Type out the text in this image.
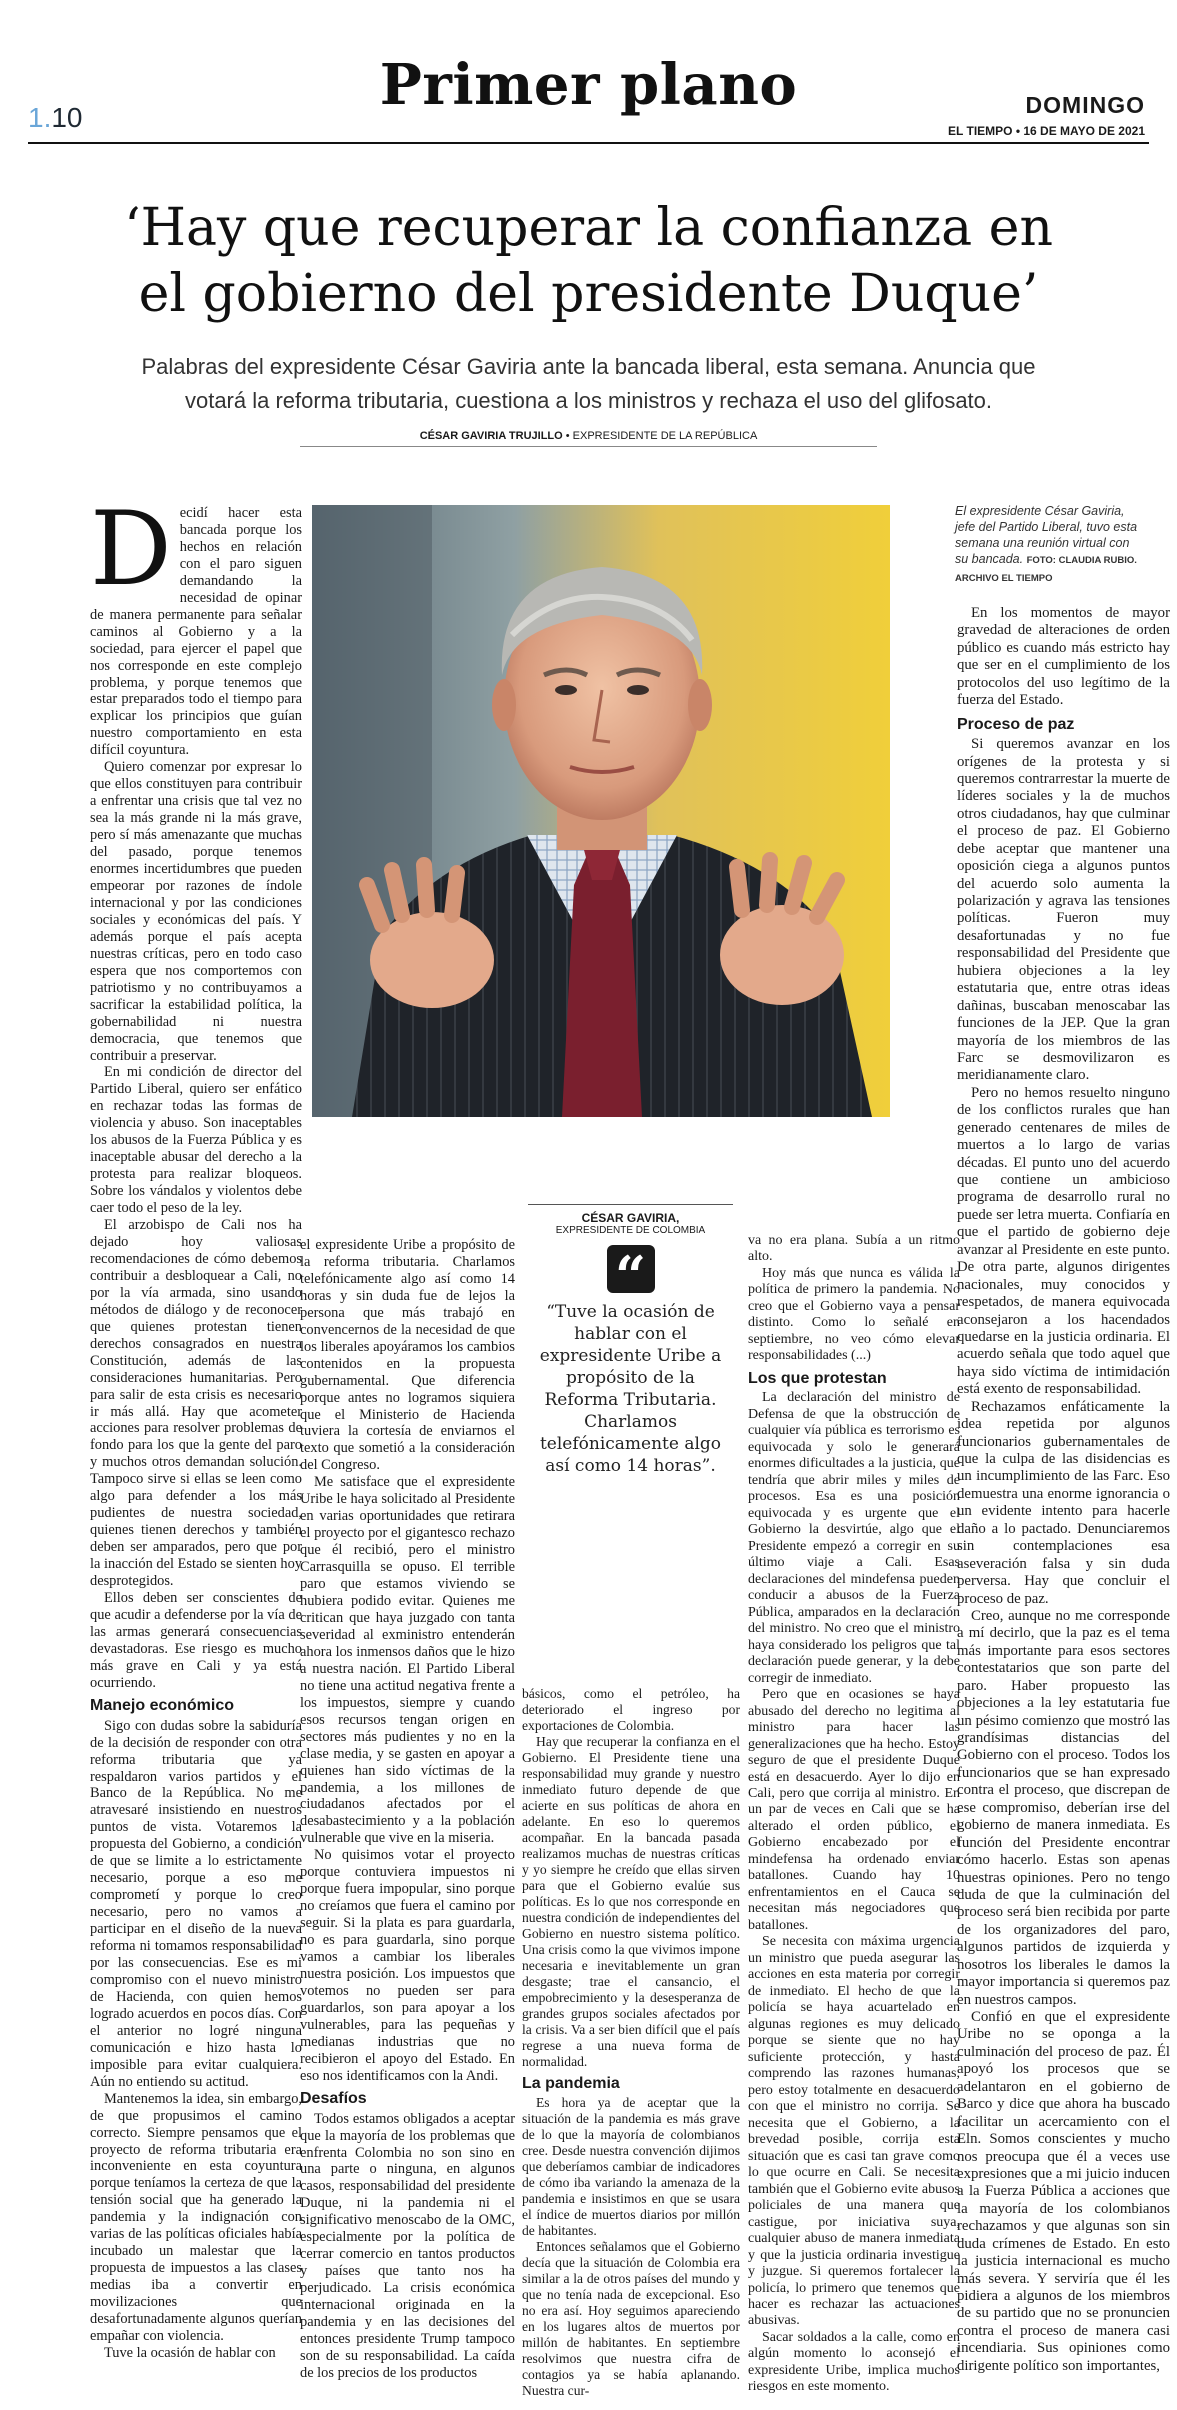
Primer plano
1.10	DOMINGO
EL TIEMPO • 16 DE MAYO DE 2021
‘Hay que recuperar la confianza en
el gobierno del presidente Duque’
Palabras del expresidente César Gaviria ante la bancada liberal, esta semana. Anuncia que
votará la reforma tributaria, cuestiona a los ministros y rechaza el uso del glifosato.
CÉSAR GAVIRIA TRUJILLO • EXPRESIDENTE DE LA REPÚBLICA
El expresidente César Gaviria, jefe del Partido Liberal, tuvo esta semana una reunión virtual con su bancada. FOTO: CLAUDIA RUBIO. ARCHIVO EL TIEMPO

Decidí hacer esta bancada porque los hechos en relación con el paro siguen demandando la necesidad de opinar de manera permanente para señalar caminos al Gobierno y a la sociedad, para ejercer el papel que nos corresponde en este complejo problema, y porque tenemos que estar preparados todo el tiempo para explicar los principios que guían nuestro comportamiento en esta difícil coyuntura.

Quiero comenzar por expresar lo que ellos constituyen para contribuir a enfrentar una crisis que tal vez no sea la más grande ni la más grave, pero sí más amenazante que muchas del pasado, porque tenemos enormes incertidumbres que pueden empeorar por razones de índole internacional y por las condiciones sociales y económicas del país. Y además porque el país acepta nuestras críticas, pero en todo caso espera que nos comportemos con patriotismo y no contribuyamos a sacrificar la estabilidad política, la gobernabilidad ni nuestra democracia, que tenemos que contribuir a preservar.

En mi condición de director del Partido Liberal, quiero ser enfático en rechazar todas las formas de violencia y abuso. Son inaceptables los abusos de la Fuerza Pública y es inaceptable abusar del derecho a la protesta para realizar bloqueos. Sobre los vándalos y violentos debe caer todo el peso de la ley.

El arzobispo de Cali nos ha dejado hoy valiosas recomendaciones de cómo debemos contribuir a desbloquear a Cali, no por la vía armada, sino usando métodos de diálogo y de reconocer que quienes protestan tienen derechos consagrados en nuestra Constitución, además de las consideraciones humanitarias. Pero para salir de esta crisis es necesario ir más allá. Hay que acometer acciones para resolver problemas de fondo para los que la gente del paro y muchos otros demandan solución. Tampoco sirve si ellas se leen como algo para defender a los más pudientes de nuestra sociedad, quienes tienen derechos y también deben ser amparados, pero que por la inacción del Estado se sienten hoy desprotegidos.

Ellos deben ser conscientes de que acudir a defenderse por la vía de las armas generará consecuencias devastadoras. Ese riesgo es mucho más grave en Cali y ya está ocurriendo.

Manejo económico

Sigo con dudas sobre la sabiduría de la decisión de responder con otra reforma tributaria que ya respaldaron varios partidos y el Banco de la República. No me atravesaré insistiendo en nuestros puntos de vista. Votaremos la propuesta del Gobierno, a condición de que se limite a lo estrictamente necesario, porque a eso me comprometí y porque lo creo necesario, pero no vamos a participar en el diseño de la nueva reforma ni tomamos responsabilidad por las consecuencias. Ese es mi compromiso con el nuevo ministro de Hacienda, con quien hemos logrado acuerdos en pocos días. Con el anterior no logré ninguna comunicación e hizo hasta lo imposible para evitar cualquiera. Aún no entiendo su actitud.

Mantenemos la idea, sin embargo, de que propusimos el camino correcto. Siempre pensamos que el proyecto de reforma tributaria era inconveniente en esta coyuntura porque teníamos la certeza de que la tensión social que ha generado la pandemia y la indignación con varias de las políticas oficiales había incubado un malestar que la propuesta de impuestos a las clases medias iba a convertir en movilizaciones que desafortunadamente algunos querían empañar con violencia.

Tuve la ocasión de hablar con

el expresidente Uribe a propósito de la reforma tributaria. Charlamos telefónicamente algo así como 14 horas y sin duda fue de lejos la persona que más trabajó en convencernos de la necesidad de que los liberales apoyáramos los cambios contenidos en la propuesta gubernamental. Que diferencia porque antes no logramos siquiera que el Ministerio de Hacienda tuviera la cortesía de enviarnos el texto que sometió a la consideración del Congreso.

Me satisface que el expresidente Uribe le haya solicitado al Presidente en varias oportunidades que retirara el proyecto por el gigantesco rechazo que él recibió, pero el ministro Carrasquilla se opuso. El terrible paro que estamos viviendo se hubiera podido evitar. Quienes me critican que haya juzgado con tanta severidad al exministro entenderán ahora los inmensos daños que le hizo a nuestra nación. El Partido Liberal no tiene una actitud negativa frente a los impuestos, siempre y cuando esos recursos tengan origen en sectores más pudientes y no en la clase media, y se gasten en apoyar a quienes han sido víctimas de la pandemia, a los millones de ciudadanos afectados por el desabastecimiento y a la población vulnerable que vive en la miseria.

No quisimos votar el proyecto porque contuviera impuestos ni porque fuera impopular, sino porque no creíamos que fuera el camino por seguir. Si la plata es para guardarla, no es para guardarla, sino porque vamos a cambiar los liberales nuestra posición. Los impuestos que votemos no pueden ser para guardarlos, son para apoyar a los vulnerables, para las pequeñas y medianas industrias que no recibieron el apoyo del Estado. En eso nos identificamos con la Andi.

Desafíos

Todos estamos obligados a aceptar que la mayoría de los problemas que enfrenta Colombia no son sino en una parte o ninguna, en algunos casos, responsabilidad del presidente Duque, ni la pandemia ni el significativo menoscabo de la OMC, especialmente por la política de cerrar comercio en tantos productos y países que tanto nos ha perjudicado. La crisis económica internacional originada en la pandemia y en las decisiones del entonces presidente Trump tampoco son de su responsabilidad. La caída de los precios de los productos

CÉSAR GAVIRIA,
EXPRESIDENTE DE COLOMBIA
“
“Tuve la ocasión de hablar con el expresidente Uribe a propósito de la Reforma Tributaria. Charlamos telefónicamente algo así como 14 horas”.

básicos, como el petróleo, ha deteriorado el ingreso por exportaciones de Colombia.

Hay que recuperar la confianza en el Gobierno. El Presidente tiene una responsabilidad muy grande y nuestro inmediato futuro depende de que acierte en sus políticas de ahora en adelante. En eso lo queremos acompañar. En la bancada pasada realizamos muchas de nuestras críticas y yo siempre he creído que ellas sirven para que el Gobierno evalúe sus políticas. Es lo que nos corresponde en nuestra condición de independientes del Gobierno en nuestro sistema político. Una crisis como la que vivimos impone necesaria e inevitablemente un gran desgaste; trae el cansancio, el empobrecimiento y la desesperanza de grandes grupos sociales afectados por la crisis. Va a ser bien difícil que el país regrese a una nueva forma de normalidad.

La pandemia

Es hora ya de aceptar que la situación de la pandemia es más grave de lo que la mayoría de colombianos cree. Desde nuestra convención dijimos que deberíamos cambiar de indicadores de cómo iba variando la amenaza de la pandemia e insistimos en que se usara el índice de muertos diarios por millón de habitantes.

Entonces señalamos que el Gobierno decía que la situación de Colombia era similar a la de otros países del mundo y que no tenía nada de excepcional. Eso no era así. Hoy seguimos apareciendo en los lugares altos de muertos por millón de habitantes. En septiembre resolvimos que nuestra cifra de contagios ya se había aplanando. Nuestra cur-

va no era plana. Subía a un ritmo alto.

Hoy más que nunca es válida la política de primero la pandemia. No creo que el Gobierno vaya a pensar distinto. Como lo señalé en septiembre, no veo cómo elevar responsabilidades (...)

Los que protestan

La declaración del ministro de Defensa de que la obstrucción de cualquier vía pública es terrorismo es equivocada y solo le generará enormes dificultades a la justicia, que tendría que abrir miles y miles de procesos. Esa es una posición equivocada y es urgente que el Gobierno la desvirtúe, algo que el Presidente empezó a corregir en su último viaje a Cali. Esas declaraciones del mindefensa pueden conducir a abusos de la Fuerza Pública, amparados en la declaración del ministro. No creo que el ministro haya considerado los peligros que tal declaración puede generar, y la debe corregir de inmediato.

Pero que en ocasiones se haya abusado del derecho no legitima al ministro para hacer las generalizaciones que ha hecho. Estoy seguro de que el presidente Duque está en desacuerdo. Ayer lo dijo en Cali, pero que corrija al ministro. En un par de veces en Cali que se ha alterado el orden público, el Gobierno encabezado por el mindefensa ha ordenado enviar batallones. Cuando hay 10 enfrentamientos en el Cauca se necesitan más negociadores que batallones.

Se necesita con máxima urgencia un ministro que pueda asegurar las acciones en esta materia por corregir de inmediato. El hecho de que la policía se haya acuartelado en algunas regiones es muy delicado porque se siente que no hay suficiente protección, y hasta comprendo las razones humanas, pero estoy totalmente en desacuerdo con que el ministro no corrija. Se necesita que el Gobierno, a la brevedad posible, corrija esta situación que es casi tan grave como lo que ocurre en Cali. Se necesita también que el Gobierno evite abusos policiales de una manera que castigue, por iniciativa suya, cualquier abuso de manera inmediata y que la justicia ordinaria investigue y juzgue. Si queremos fortalecer la policía, lo primero que tenemos que hacer es rechazar las actuaciones abusivas.

Sacar soldados a la calle, como en algún momento lo aconsejó el expresidente Uribe, implica muchos riesgos en este momento.

En los momentos de mayor gravedad de alteraciones de orden público es cuando más estricto hay que ser en el cumplimiento de los protocolos del uso legítimo de la fuerza del Estado.

Proceso de paz

Si queremos avanzar en los orígenes de la protesta y si queremos contrarrestar la muerte de líderes sociales y la de muchos otros ciudadanos, hay que culminar el proceso de paz. El Gobierno debe aceptar que mantener una oposición ciega a algunos puntos del acuerdo solo aumenta la polarización y agrava las tensiones políticas. Fueron muy desafortunadas y no fue responsabilidad del Presidente que hubiera objeciones a la ley estatutaria que, entre otras ideas dañinas, buscaban menoscabar las funciones de la JEP. Que la gran mayoría de los miembros de las Farc se desmovilizaron es meridianamente claro.

Pero no hemos resuelto ninguno de los conflictos rurales que han generado centenares de miles de muertos a lo largo de varias décadas. El punto uno del acuerdo que contiene un ambicioso programa de desarrollo rural no puede ser letra muerta. Confiaría en que el partido de gobierno deje avanzar al Presidente en este punto. De otra parte, algunos dirigentes nacionales, muy conocidos y respetados, de manera equivocada aconsejaron a los hacendados quedarse en la justicia ordinaria. El acuerdo señala que todo aquel que haya sido víctima de intimidación está exento de responsabilidad.

Rechazamos enfáticamente la idea repetida por algunos funcionarios gubernamentales de que la culpa de las disidencias es un incumplimiento de las Farc. Eso demuestra una enorme ignorancia o un evidente intento para hacerle daño a lo pactado. Denunciaremos sin contemplaciones esa aseveración falsa y sin duda perversa. Hay que concluir el proceso de paz.

Creo, aunque no me corresponde a mí decirlo, que la paz es el tema más importante para esos sectores contestatarios que son parte del paro. Haber propuesto las objeciones a la ley estatutaria fue un pésimo comienzo que mostró las grandísimas distancias del Gobierno con el proceso. Todos los funcionarios que se han expresado contra el proceso, que discrepan de ese compromiso, deberían irse del gobierno de manera inmediata. Es función del Presidente encontrar cómo hacerlo. Estas son apenas nuestras opiniones. Pero no tengo duda de que la culminación del proceso será bien recibida por parte de los organizadores del paro, algunos partidos de izquierda y nosotros los liberales le damos la mayor importancia si queremos paz en nuestros campos.

Confió en que el expresidente Uribe no se oponga a la culminación del proceso de paz. Él apoyó los procesos que se adelantaron en el gobierno de Barco y dice que ahora ha buscado facilitar un acercamiento con el Eln. Somos conscientes y mucho nos preocupa que él a veces use expresiones que a mi juicio inducen a la Fuerza Pública a acciones que la mayoría de los colombianos rechazamos y que algunas son sin duda crímenes de Estado. En esto la justicia internacional es mucho más severa. Y serviría que él les pidiera a algunos de los miembros de su partido que no se pronuncien contra el proceso de manera casi incendiaria. Sus opiniones como dirigente político son importantes,
